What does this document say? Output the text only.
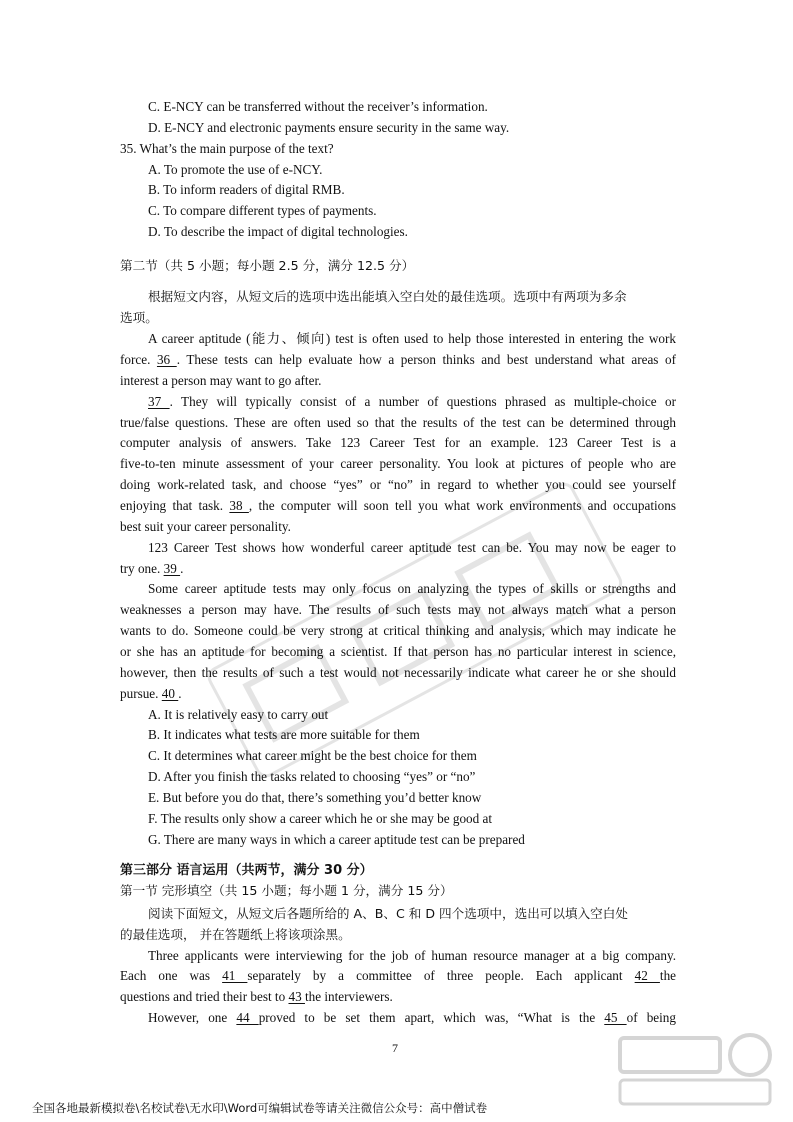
C. E-NCY can be transferred without the receiver’s information.
D. E-NCY and electronic payments ensure security in the same way.
35. What’s the main purpose of the text?
A. To promote the use of e-NCY.
B. To inform readers of digital RMB.
C. To compare different types of payments.
D. To describe the impact of digital technologies.
第二节（共 5 小题；每小题 2.5 分，满分 12.5 分）
根据短文内容，从短文后的选项中选出能填入空白处的最佳选项。选项中有两项为多余
选项。
A career aptitude (能力、倾向) test is often used to help those interested in entering the work
force. 36 . These tests can help evaluate how a person thinks and best understand what areas of
interest a person may want to go after.
37 . They will typically consist of a number of questions phrased as multiple-choice or
true/false questions. These are often used so that the results of the test can be determined through
computer analysis of answers. Take 123 Career Test for an example. 123 Career Test is a
five-to-ten minute assessment of your career personality. You look at pictures of people who are
doing work-related task, and choose “yes” or “no” in regard to whether you could see yourself
enjoying that task. 38 , the computer will soon tell you what work environments and occupations
best suit your career personality.
123 Career Test shows how wonderful career aptitude test can be. You may now be eager to
try one. 39 .
Some career aptitude tests may only focus on analyzing the types of skills or strengths and
weaknesses a person may have. The results of such tests may not always match what a person
wants to do. Someone could be very strong at critical thinking and analysis, which may indicate he
or she has an aptitude for becoming a scientist. If that person has no particular interest in science,
however, then the results of such a test would not necessarily indicate what career he or she should
pursue. 40 .
A. It is relatively easy to carry out
B. It indicates what tests are more suitable for them
C. It determines what career might be the best choice for them
D. After you finish the tasks related to choosing “yes” or “no”
E. But before you do that, there’s something you’d better know
F. The results only show a career which he or she may be good at
G. There are many ways in which a career aptitude test can be prepared
第三部分 语言运用（共两节，满分 30 分）
第一节 完形填空（共 15 小题；每小题 1 分，满分 15 分）
阅读下面短文，从短文后各题所给的 A、B、C 和 D 四个选项中，选出可以填入空白处
的最佳选项， 并在答题纸上将该项涂黑。
Three applicants were interviewing for the job of human resource manager at a big company.
Each one was 41 separately by a committee of three people. Each applicant 42 the
questions and tried their best to 43 the interviewers.
However, one 44 proved to be set them apart, which was, “What is the 45 of being
7
全国各地最新模拟卷\名校试卷\无水印\Word可编辑试卷等请关注微信公众号：高中僧试卷
